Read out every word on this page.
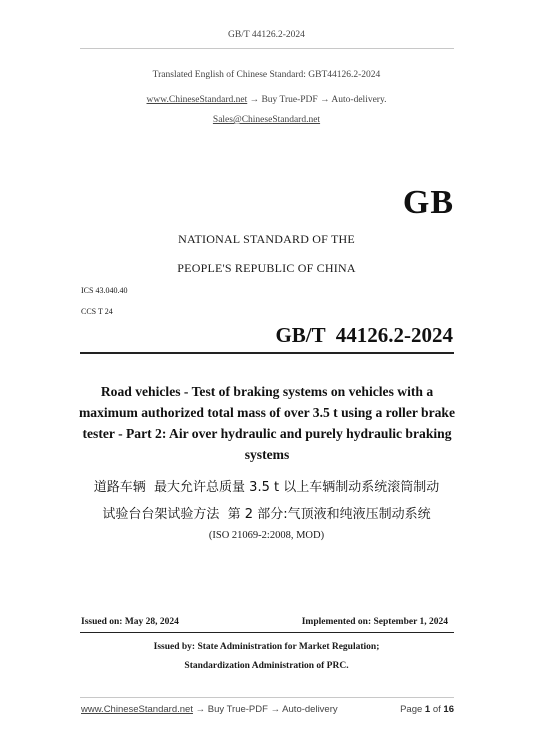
GB/T 44126.2-2024
Translated English of Chinese Standard: GBT44126.2-2024
www.ChineseStandard.net → Buy True-PDF → Auto-delivery.
Sales@ChineseStandard.net
GB
NATIONAL STANDARD OF THE
PEOPLE'S REPUBLIC OF CHINA
ICS 43.040.40
CCS T 24
GB/T  44126.2-2024
Road vehicles - Test of braking systems on vehicles with a maximum authorized total mass of over 3.5 t using a roller brake tester - Part 2: Air over hydraulic and purely hydraulic braking systems
道路车辆  最大允许总质量 3.5 t 以上车辆制动系统滚筒制动
试验台台架试验方法  第 2 部分:气顶液和纯液压制动系统
(ISO 21069-2:2008, MOD)
Issued on: May 28, 2024	Implemented on: September 1, 2024
Issued by: State Administration for Market Regulation;
Standardization Administration of PRC.
www.ChineseStandard.net → Buy True-PDF → Auto-delivery	Page 1 of 16
